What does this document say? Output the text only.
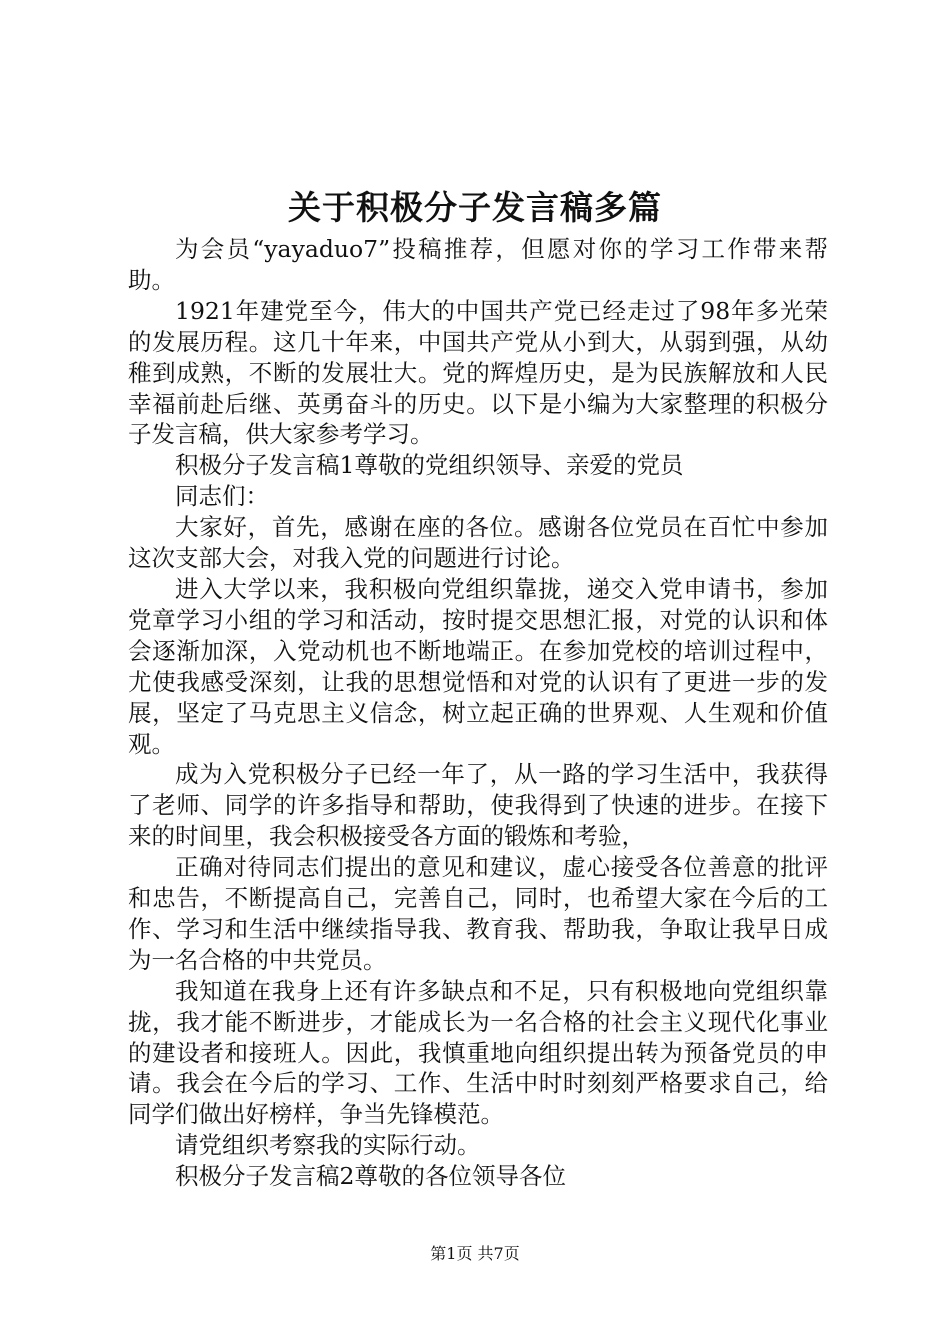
关于积极分子发言稿多篇

为会员“yayaduo7”投稿推荐，但愿对你的学习工作带来帮助。

1921年建党至今，伟大的中国共产党已经走过了98年多光荣的发展历程。这几十年来，中国共产党从小到大，从弱到强，从幼稚到成熟，不断的发展壮大。党的辉煌历史，是为民族解放和人民幸福前赴后继、英勇奋斗的历史。以下是小编为大家整理的积极分子发言稿，供大家参考学习。

积极分子发言稿1尊敬的党组织领导、亲爱的党员

同志们：

大家好，首先，感谢在座的各位。感谢各位党员在百忙中参加这次支部大会，对我入党的问题进行讨论。

进入大学以来，我积极向党组织靠拢，递交入党申请书，参加党章学习小组的学习和活动，按时提交思想汇报，对党的认识和体会逐渐加深，入党动机也不断地端正。在参加党校的培训过程中，尤使我感受深刻，让我的思想觉悟和对党的认识有了更进一步的发展，坚定了马克思主义信念，树立起正确的世界观、人生观和价值观。

成为入党积极分子已经一年了，从一路的学习生活中，我获得了老师、同学的许多指导和帮助，使我得到了快速的进步。在接下来的时间里，我会积极接受各方面的锻炼和考验，

正确对待同志们提出的意见和建议，虚心接受各位善意的批评和忠告，不断提高自己，完善自己，同时，也希望大家在今后的工作、学习和生活中继续指导我、教育我、帮助我，争取让我早日成为一名合格的中共党员。

我知道在我身上还有许多缺点和不足，只有积极地向党组织靠拢，我才能不断进步，才能成长为一名合格的社会主义现代化事业的建设者和接班人。因此，我慎重地向组织提出转为预备党员的申请。我会在今后的学习、工作、生活中时时刻刻严格要求自己，给同学们做出好榜样，争当先锋模范。

请党组织考察我的实际行动。

积极分子发言稿2尊敬的各位领导各位

第1页 共7页
